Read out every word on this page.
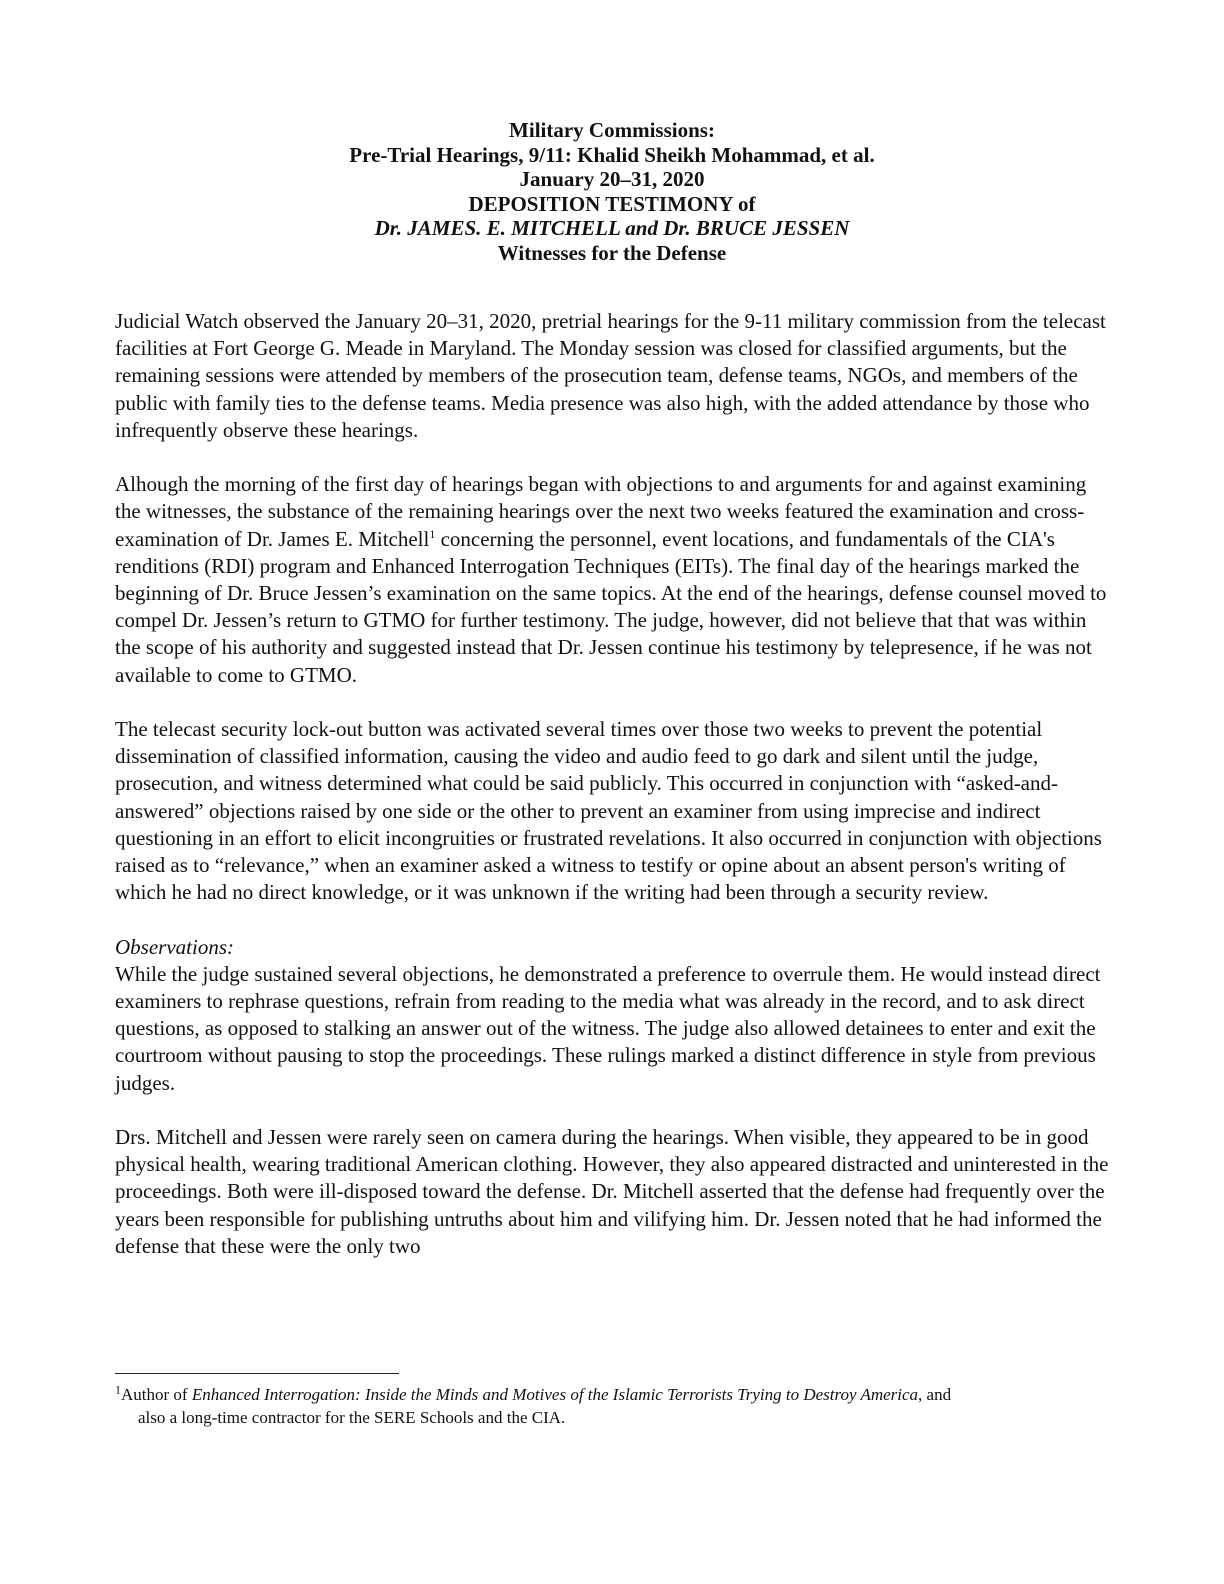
Military Commissions:

Pre-Trial Hearings, 9/11: Khalid Sheikh Mohammad, et al.

January 20–31, 2020

DEPOSITION TESTIMONY of

Dr. JAMES. E. MITCHELL and Dr. BRUCE JESSEN

Witnesses for the Defense

Judicial Watch observed the January 20–31, 2020, pretrial hearings for the 9-11 military commission from the telecast facilities at Fort George G. Meade in Maryland. The Monday session was closed for classified arguments, but the remaining sessions were attended by members of the prosecution team, defense teams, NGOs, and members of the public with family ties to the defense teams. Media presence was also high, with the added attendance by those who infrequently observe these hearings.

Alhough the morning of the first day of hearings began with objections to and arguments for and against examining the witnesses, the substance of the remaining hearings over the next two weeks featured the examination and cross-examination of Dr. James E. Mitchell$^1$ concerning the personnel, event locations, and fundamentals of the CIA's renditions (RDI) program and Enhanced Interrogation Techniques (EITs). The final day of the hearings marked the beginning of Dr. Bruce Jessen’s examination on the same topics. At the end of the hearings, defense counsel moved to compel Dr. Jessen’s return to GTMO for further testimony. The judge, however, did not believe that that was within the scope of his authority and suggested instead that Dr. Jessen continue his testimony by telepresence, if he was not available to come to GTMO.

The telecast security lock-out button was activated several times over those two weeks to prevent the potential dissemination of classified information, causing the video and audio feed to go dark and silent until the judge, prosecution, and witness determined what could be said publicly. This occurred in conjunction with “asked-and-answered” objections raised by one side or the other to prevent an examiner from using imprecise and indirect questioning in an effort to elicit incongruities or frustrated revelations. It also occurred in conjunction with objections raised as to “relevance,” when an examiner asked a witness to testify or opine about an absent person's writing of which he had no direct knowledge, or it was unknown if the writing had been through a security review.

Observations:

While the judge sustained several objections, he demonstrated a preference to overrule them. He would instead direct examiners to rephrase questions, refrain from reading to the media what was already in the record, and to ask direct questions, as opposed to stalking an answer out of the witness. The judge also allowed detainees to enter and exit the courtroom without pausing to stop the proceedings. These rulings marked a distinct difference in style from previous judges.

Drs. Mitchell and Jessen were rarely seen on camera during the hearings. When visible, they appeared to be in good physical health, wearing traditional American clothing. However, they also appeared distracted and uninterested in the proceedings. Both were ill-disposed toward the defense. Dr. Mitchell asserted that the defense had frequently over the years been responsible for publishing untruths about him and vilifying him. Dr. Jessen noted that he had informed the defense that these were the only two

$^1$Author of Enhanced Interrogation: Inside the Minds and Motives of the Islamic Terrorists Trying to Destroy America, and
also a long-time contractor for the SERE Schools and the CIA.
